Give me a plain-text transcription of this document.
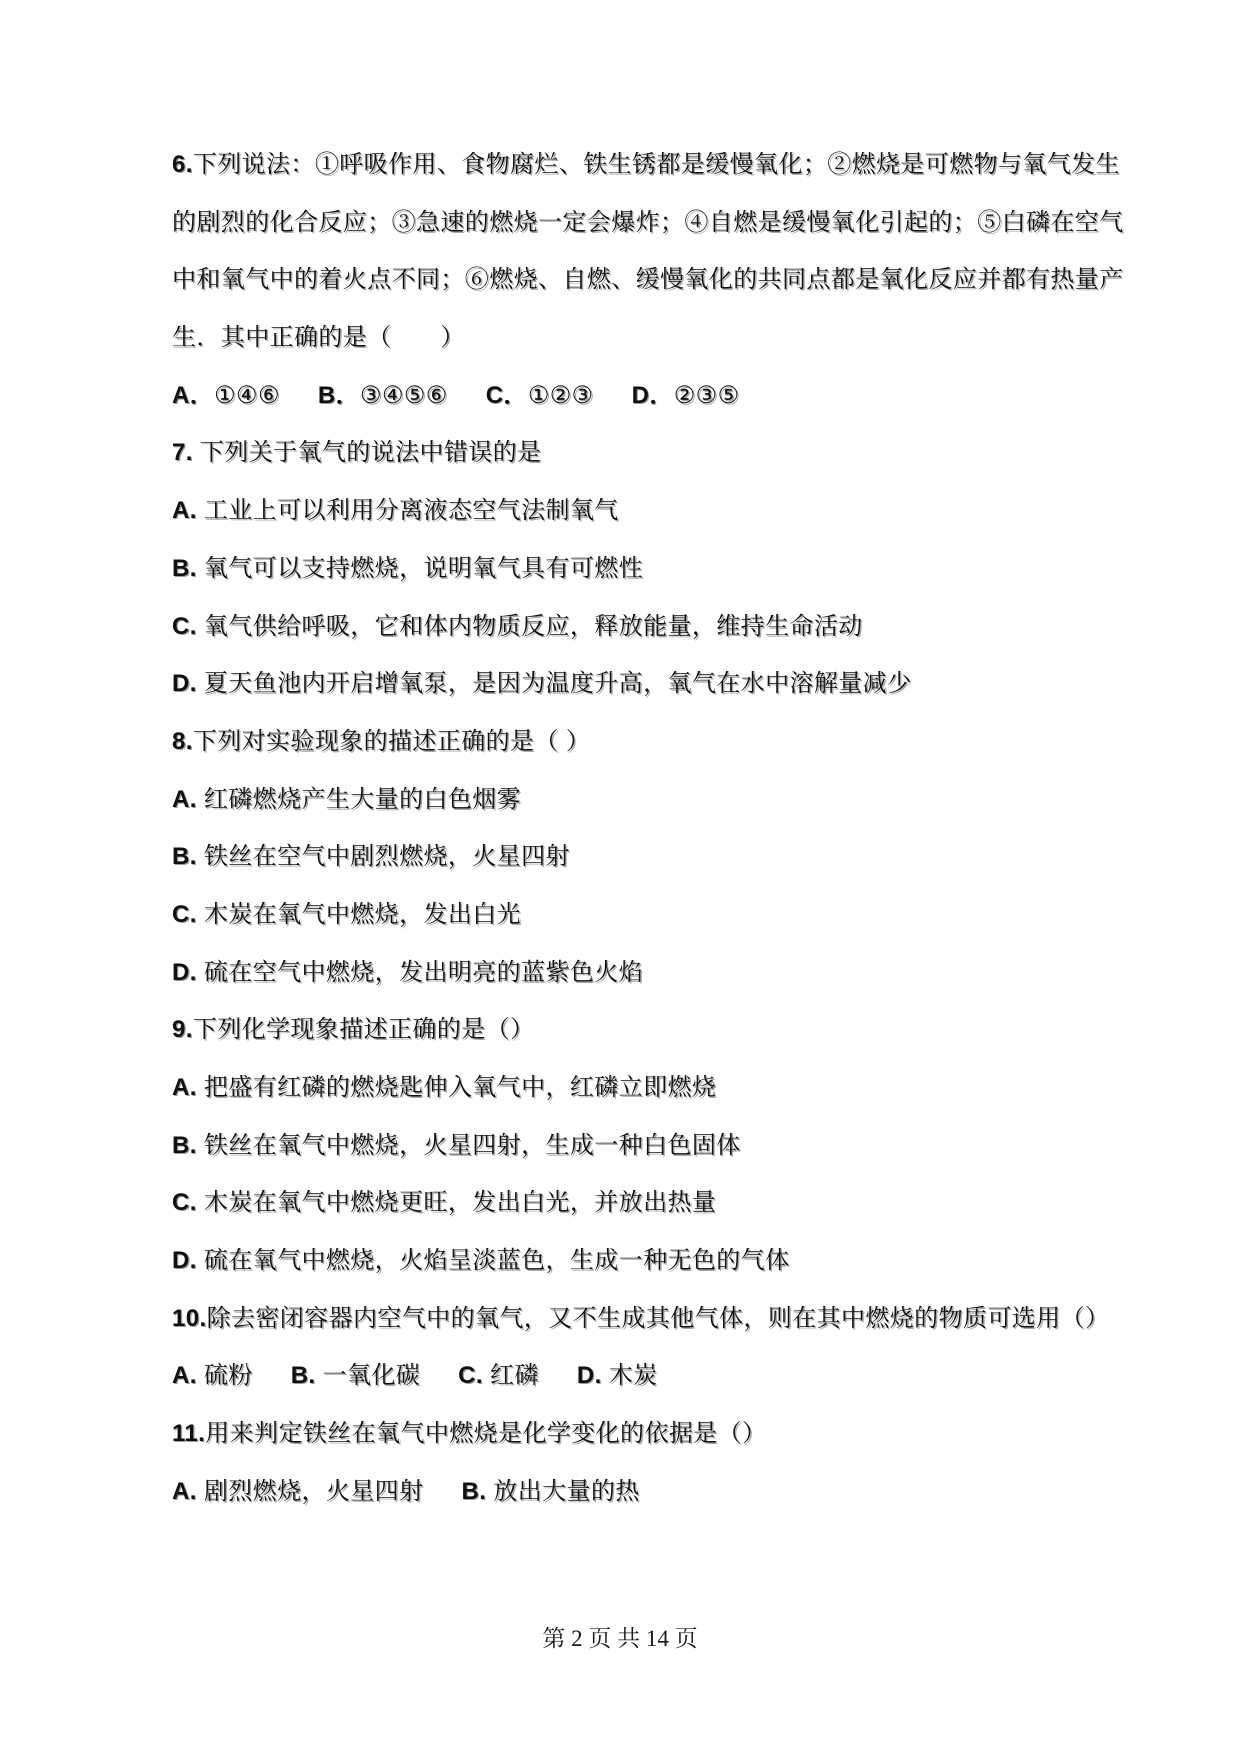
6.下列说法：①呼吸作用、食物腐烂、铁生锈都是缓慢氧化；②燃烧是可燃物与氧气发生
的剧烈的化合反应；③急速的燃烧一定会爆炸；④自燃是缓慢氧化引起的；⑤白磷在空气
中和氧气中的着火点不同；⑥燃烧、自燃、缓慢氧化的共同点都是氧化反应并都有热量产
生．其中正确的是（　　）
A．①④⑥ B．③④⑤⑥ C．①②③ D．②③⑤
7. 下列关于氧气的说法中错误的是
A. 工业上可以利用分离液态空气法制氧气
B. 氧气可以支持燃烧，说明氧气具有可燃性
C. 氧气供给呼吸，它和体内物质反应，释放能量，维持生命活动
D. 夏天鱼池内开启增氧泵，是因为温度升高，氧气在水中溶解量减少
8.下列对实验现象的描述正确的是（ ）
A. 红磷燃烧产生大量的白色烟雾
B. 铁丝在空气中剧烈燃烧，火星四射
C. 木炭在氧气中燃烧，发出白光
D. 硫在空气中燃烧，发出明亮的蓝紫色火焰
9.下列化学现象描述正确的是（）
A. 把盛有红磷的燃烧匙伸入氧气中，红磷立即燃烧
B. 铁丝在氧气中燃烧，火星四射，生成一种白色固体
C. 木炭在氧气中燃烧更旺，发出白光，并放出热量
D. 硫在氧气中燃烧，火焰呈淡蓝色，生成一种无色的气体
10.除去密闭容器内空气中的氧气，又不生成其他气体，则在其中燃烧的物质可选用（）
A. 硫粉 B. 一氧化碳 C. 红磷 D. 木炭
11.用来判定铁丝在氧气中燃烧是化学变化的依据是（）
A. 剧烈燃烧，火星四射 B. 放出大量的热
第 2 页 共 14 页
